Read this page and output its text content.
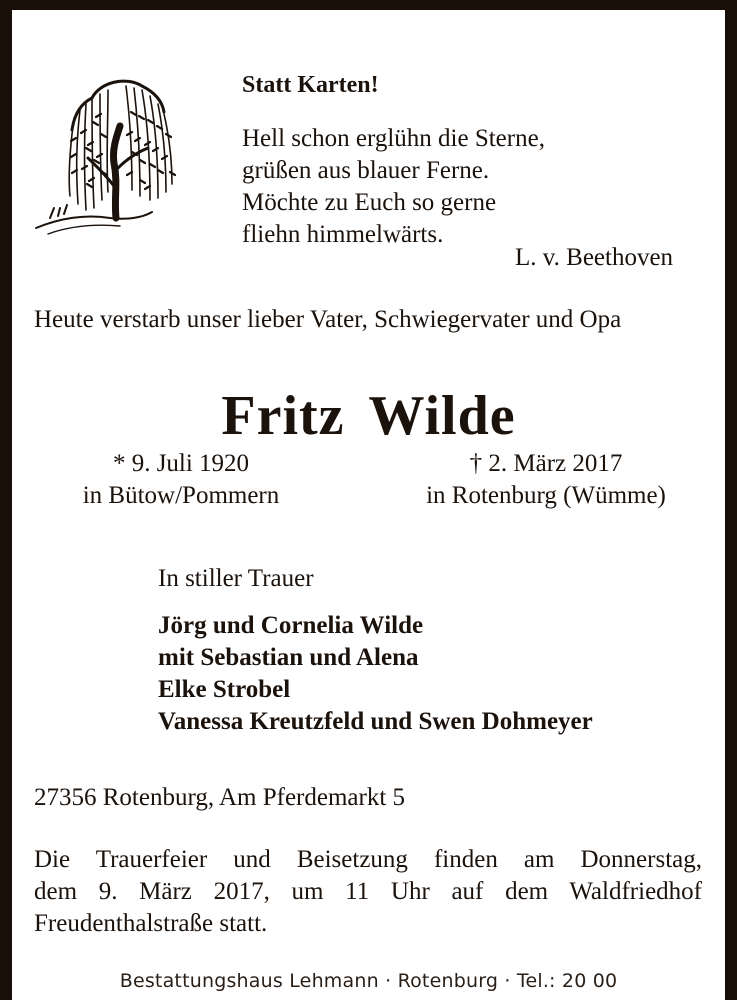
Statt Karten!
Hell schon erglühn die Sterne,
grüßen aus blauer Ferne.
Möchte zu Euch so gerne
fliehn himmelwärts.
L. v. Beethoven
Heute verstarb unser lieber Vater, Schwiegervater und Opa
Fritz Wilde
* 9. Juli 1920
in Bütow/Pommern
† 2. März 2017
in Rotenburg (Wümme)
In stiller Trauer
Jörg und Cornelia Wilde
mit Sebastian und Alena
Elke Strobel
Vanessa Kreutzfeld und Swen Dohmeyer
27356 Rotenburg, Am Pferdemarkt 5
Die Trauerfeier und Beisetzung finden am Donnerstag,
dem 9. März 2017, um 11 Uhr auf dem Waldfriedhof
Freudenthalstraße statt.
Bestattungshaus Lehmann · Rotenburg · Tel.: 20 00
